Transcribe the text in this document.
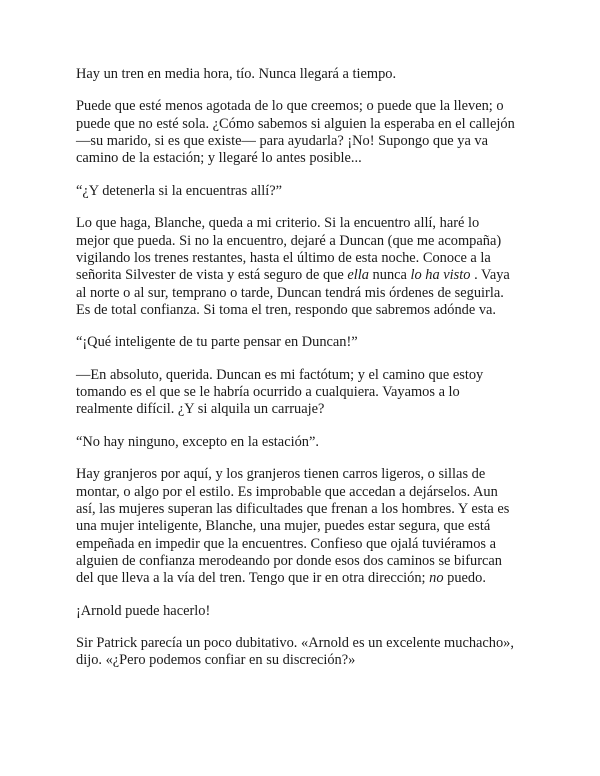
Hay un tren en media hora, tío. Nunca llegará a tiempo.

Puede que esté menos agotada de lo que creemos; o puede que la lleven; o
puede que no esté sola. ¿Cómo sabemos si alguien la esperaba en el callejón
—su marido, si es que existe— para ayudarla? ¡No! Supongo que ya va
camino de la estación; y llegaré lo antes posible...

“¿Y detenerla si la encuentras allí?”

Lo que haga, Blanche, queda a mi criterio. Si la encuentro allí, haré lo
mejor que pueda. Si no la encuentro, dejaré a Duncan (que me acompaña)
vigilando los trenes restantes, hasta el último de esta noche. Conoce a la
señorita Silvester de vista y está seguro de que ella nunca lo ha visto . Vaya
al norte o al sur, temprano o tarde, Duncan tendrá mis órdenes de seguirla.
Es de total confianza. Si toma el tren, respondo que sabremos adónde va.

“¡Qué inteligente de tu parte pensar en Duncan!”

—En absoluto, querida. Duncan es mi factótum; y el camino que estoy
tomando es el que se le habría ocurrido a cualquiera. Vayamos a lo
realmente difícil. ¿Y si alquila un carruaje?

“No hay ninguno, excepto en la estación”.

Hay granjeros por aquí, y los granjeros tienen carros ligeros, o sillas de
montar, o algo por el estilo. Es improbable que accedan a dejárselos. Aun
así, las mujeres superan las dificultades que frenan a los hombres. Y esta es
una mujer inteligente, Blanche, una mujer, puedes estar segura, que está
empeñada en impedir que la encuentres. Confieso que ojalá tuviéramos a
alguien de confianza merodeando por donde esos dos caminos se bifurcan
del que lleva a la vía del tren. Tengo que ir en otra dirección; no puedo.

¡Arnold puede hacerlo!

Sir Patrick parecía un poco dubitativo. «Arnold es un excelente muchacho»,
dijo. «¿Pero podemos confiar en su discreción?»
